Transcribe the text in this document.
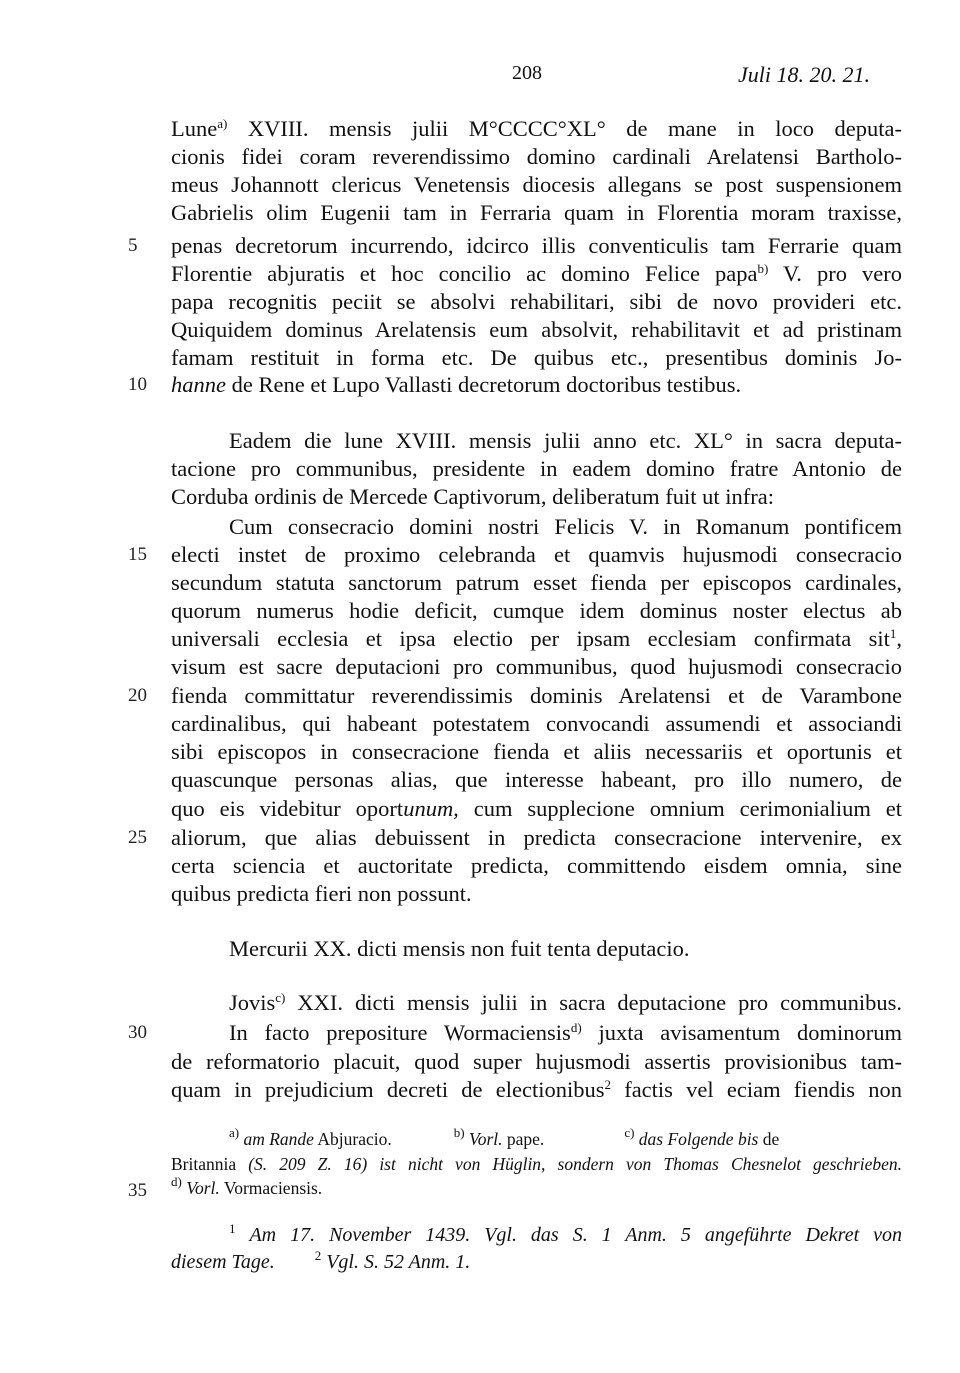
208	Juli 18. 20. 21.
5
10
15
20
25
30
35
Lune$^{a)}$ XVIII. mensis julii M°CCCC°XL° de mane in loco deputa-
cionis fidei coram reverendissimo domino cardinali Arelatensi Bartholo-
meus Johannott clericus Venetensis diocesis allegans se post suspensionem
Gabrielis olim Eugenii tam in Ferraria quam in Florentia moram traxisse,
penas decretorum incurrendo, idcirco illis conventiculis tam Ferrarie quam
Florentie abjuratis et hoc concilio ac domino Felice papa$^{b)}$ V. pro vero
papa recognitis peciit se absolvi rehabilitari, sibi de novo provideri etc.
Quiquidem dominus Arelatensis eum absolvit, rehabilitavit et ad pristinam
famam restituit in forma etc. De quibus etc., presentibus dominis Jo-
hanne de Rene et Lupo Vallasti decretorum doctoribus testibus.
Eadem die lune XVIII. mensis julii anno etc. XL° in sacra deputa-
tacione pro communibus, presidente in eadem domino fratre Antonio de
Corduba ordinis de Mercede Captivorum, deliberatum fuit ut infra:
Cum consecracio domini nostri Felicis V. in Romanum pontificem
electi instet de proximo celebranda et quamvis hujusmodi consecracio
secundum statuta sanctorum patrum esset fienda per episcopos cardinales,
quorum numerus hodie deficit, cumque idem dominus noster electus ab
universali ecclesia et ipsa electio per ipsam ecclesiam confirmata sit$^1$,
visum est sacre deputacioni pro communibus, quod hujusmodi consecracio
fienda committatur reverendissimis dominis Arelatensi et de Varambone
cardinalibus, qui habeant potestatem convocandi assumendi et associandi
sibi episcopos in consecracione fienda et aliis necessariis et oportunis et
quascunque personas alias, que interesse habeant, pro illo numero, de
quo eis videbitur oportunum, cum supplecione omnium cerimonialium et
aliorum, que alias debuissent in predicta consecracione intervenire, ex
certa sciencia et auctoritate predicta, committendo eisdem omnia, sine
quibus predicta fieri non possunt.
Mercurii XX. dicti mensis non fuit tenta deputacio.
Jovis$^{c)}$ XXI. dicti mensis julii in sacra deputacione pro communibus.
In facto prepositure Wormaciensis$^{d)}$ juxta avisamentum dominorum
de reformatorio placuit, quod super hujusmodi assertis provisionibus tam-
quam in prejudicium decreti de electionibus$^2$ factis vel eciam fiendis non
$^{a)}$ am Rande Abjuracio.	$^{b)}$ Vorl. pape.	$^{c)}$ das Folgende bis de
Britannia (S. 209 Z. 16) ist nicht von Hüglin, sondern von Thomas Chesnelot geschrieben.
$^{d)}$ Vorl. Vormaciensis.
$^1$ Am 17. November 1439. Vgl. das S. 1 Anm. 5 angeführte Dekret von
diesem Tage.	$^2$ Vgl. S. 52 Anm. 1.
